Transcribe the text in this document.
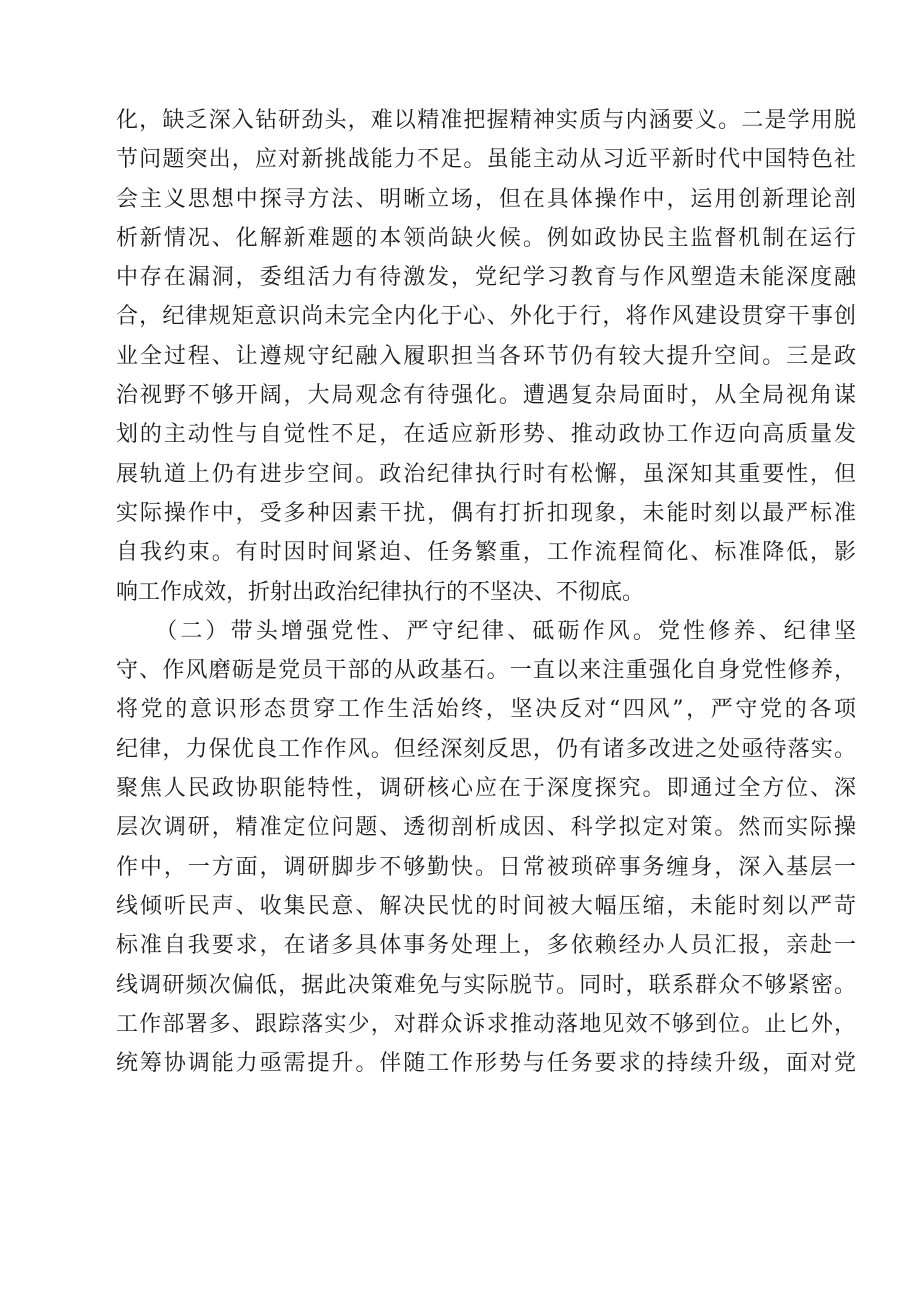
化，缺乏深入钻研劲头，难以精准把握精神实质与内涵要义。二是学用脱
节问题突出，应对新挑战能力不足。虽能主动从习近平新时代中国特色社
会主义思想中探寻方法、明晰立场，但在具体操作中，运用创新理论剖
析新情况、化解新难题的本领尚缺火候。例如政协民主监督机制在运行
中存在漏洞，委组活力有待激发，党纪学习教育与作风塑造未能深度融
合，纪律规矩意识尚未完全内化于心、外化于行，将作风建设贯穿干事创
业全过程、让遵规守纪融入履职担当各环节仍有较大提升空间。三是政
治视野不够开阔，大局观念有待强化。遭遇复杂局面时，从全局视角谋
划的主动性与自觉性不足，在适应新形势、推动政协工作迈向高质量发
展轨道上仍有进步空间。政治纪律执行时有松懈，虽深知其重要性，但
实际操作中，受多种因素干扰，偶有打折扣现象，未能时刻以最严标准
自我约束。有时因时间紧迫、任务繁重，工作流程简化、标准降低，影
响工作成效，折射出政治纪律执行的不坚决、不彻底。
　　（二）带头增强党性、严守纪律、砥砺作风。党性修养、纪律坚
守、作风磨砺是党员干部的从政基石。一直以来注重强化自身党性修养，
将党的意识形态贯穿工作生活始终，坚决反对“四风”，严守党的各项
纪律，力保优良工作作风。但经深刻反思，仍有诸多改进之处亟待落实。
聚焦人民政协职能特性，调研核心应在于深度探究。即通过全方位、深
层次调研，精准定位问题、透彻剖析成因、科学拟定对策。然而实际操
作中，一方面，调研脚步不够勤快。日常被琐碎事务缠身，深入基层一
线倾听民声、收集民意、解决民忧的时间被大幅压缩，未能时刻以严苛
标准自我要求，在诸多具体事务处理上，多依赖经办人员汇报，亲赴一
线调研频次偏低，据此决策难免与实际脱节。同时，联系群众不够紧密。
工作部署多、跟踪落实少，对群众诉求推动落地见效不够到位。止匕外，
统筹协调能力亟需提升。伴随工作形势与任务要求的持续升级，面对党
